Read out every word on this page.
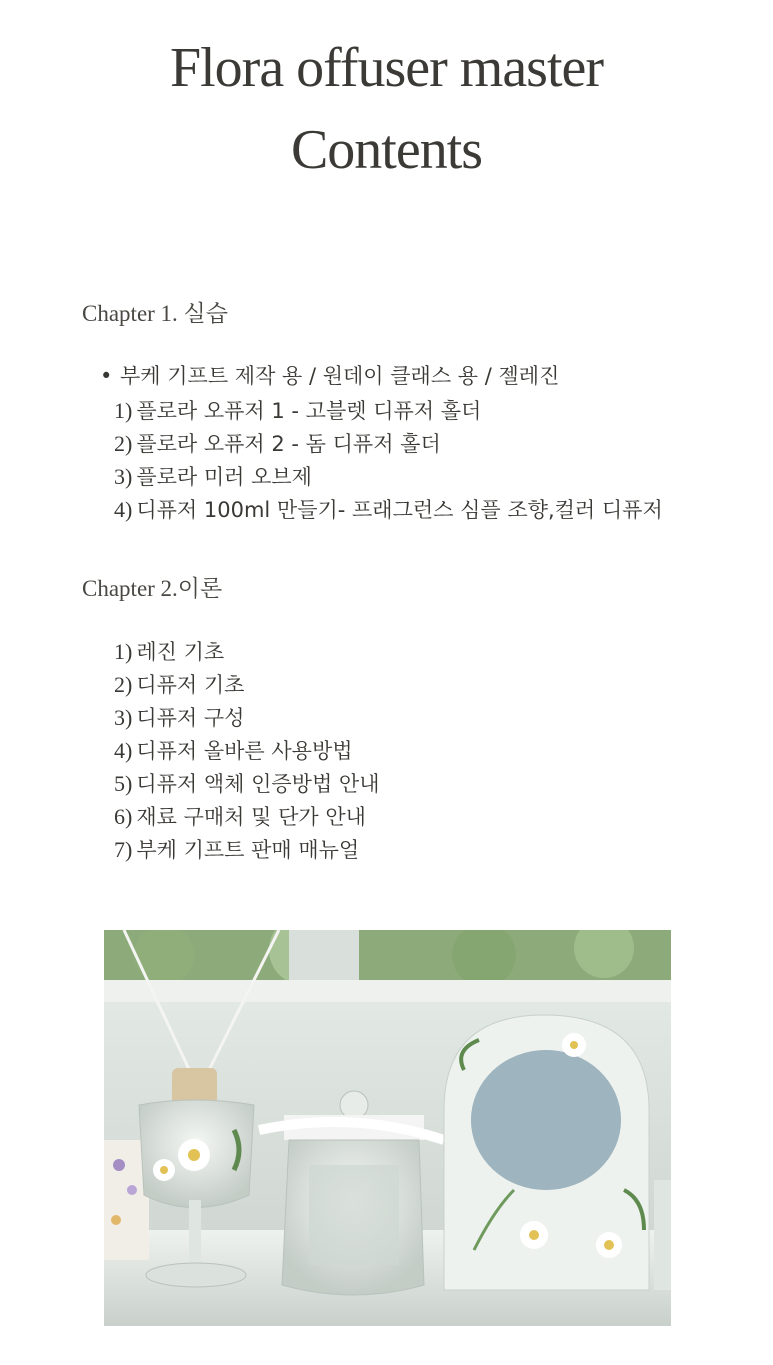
Flora offuser master
Contents
Chapter 1. 실습
• 부케 기프트 제작 용 / 원데이 클래스 용 / 젤레진
1) 플로라 오퓨저 1 - 고블렛 디퓨저 홀더
2) 플로라 오퓨저 2 - 돔 디퓨저 홀더
3) 플로라 미러 오브제
4) 디퓨저 100ml 만들기- 프래그런스 심플 조향,컬러 디퓨저
Chapter 2.이론
1) 레진 기초
2) 디퓨저 기초
3) 디퓨저 구성
4) 디퓨저 올바른 사용방법
5) 디퓨저 액체 인증방법 안내
6) 재료 구매처 및 단가 안내
7) 부케 기프트 판매 매뉴얼
